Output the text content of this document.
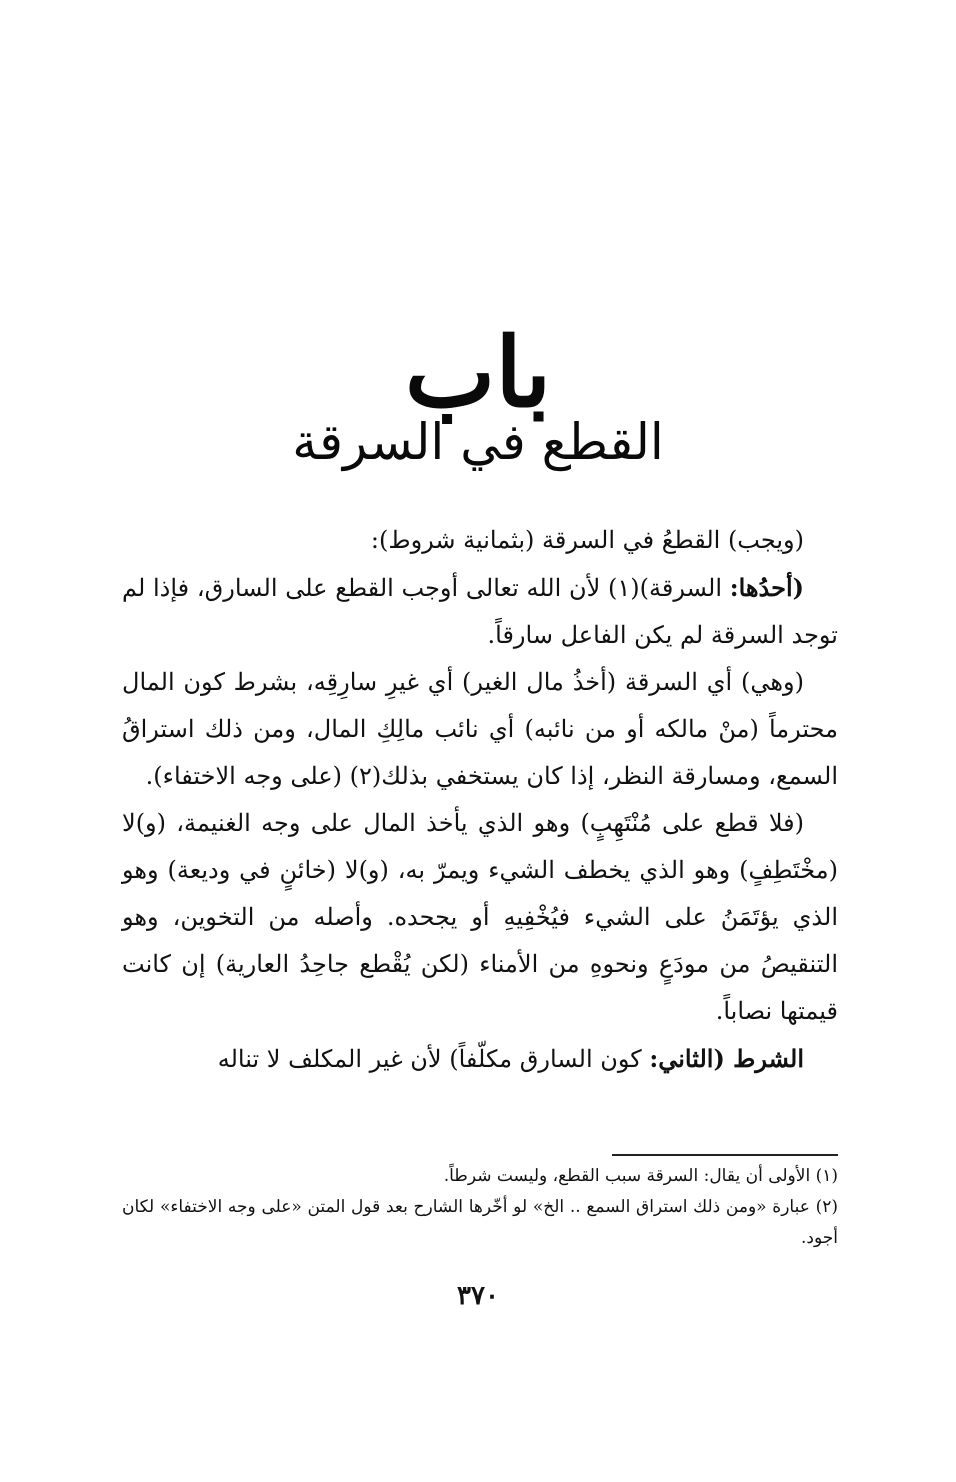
باب
القطع في السرقة

(ويجب) القطعُ في السرقة (بثمانية شروط):

(أحدُها: السرقة)(١) لأن الله تعالى أوجب القطع على السارق، فإذا لم توجد السرقة لم يكن الفاعل سارقاً.

(وهي) أي السرقة (أخذُ مال الغير) أي غيرِ سارِقِه، بشرط كون المال محترماً (منْ مالكه أو من نائبه) أي نائب مالِكِ المال، ومن ذلك استراقُ السمع، ومسارقة النظر، إذا كان يستخفي بذلك(٢) (على وجه الاختفاء).

(فلا قطع على مُنْتَهِبٍ) وهو الذي يأخذ المال على وجه الغنيمة، (و)لا (مخْتَطِفٍ) وهو الذي يخطف الشيء ويمرّ به، (و)لا (خائنٍ في وديعة) وهو الذي يؤتَمَنُ على الشيء فيُخْفِيهِ أو يجحده. وأصله من التخوين، وهو التنقيصُ من مودَعٍ ونحوهِ من الأمناء (لكن يُقْطع جاحِدُ العارية) إن كانت قيمتها نصاباً.

الشرط (الثاني: كون السارق مكلّفاً) لأن غير المكلف لا تناله

(١) الأولى أن يقال: السرقة سبب القطع، وليست شرطاً.

(٢) عبارة «ومن ذلك استراق السمع .. الخ» لو أخّرها الشارح بعد قول المتن «على وجه الاختفاء» لكان أجود.

٣٧٠
